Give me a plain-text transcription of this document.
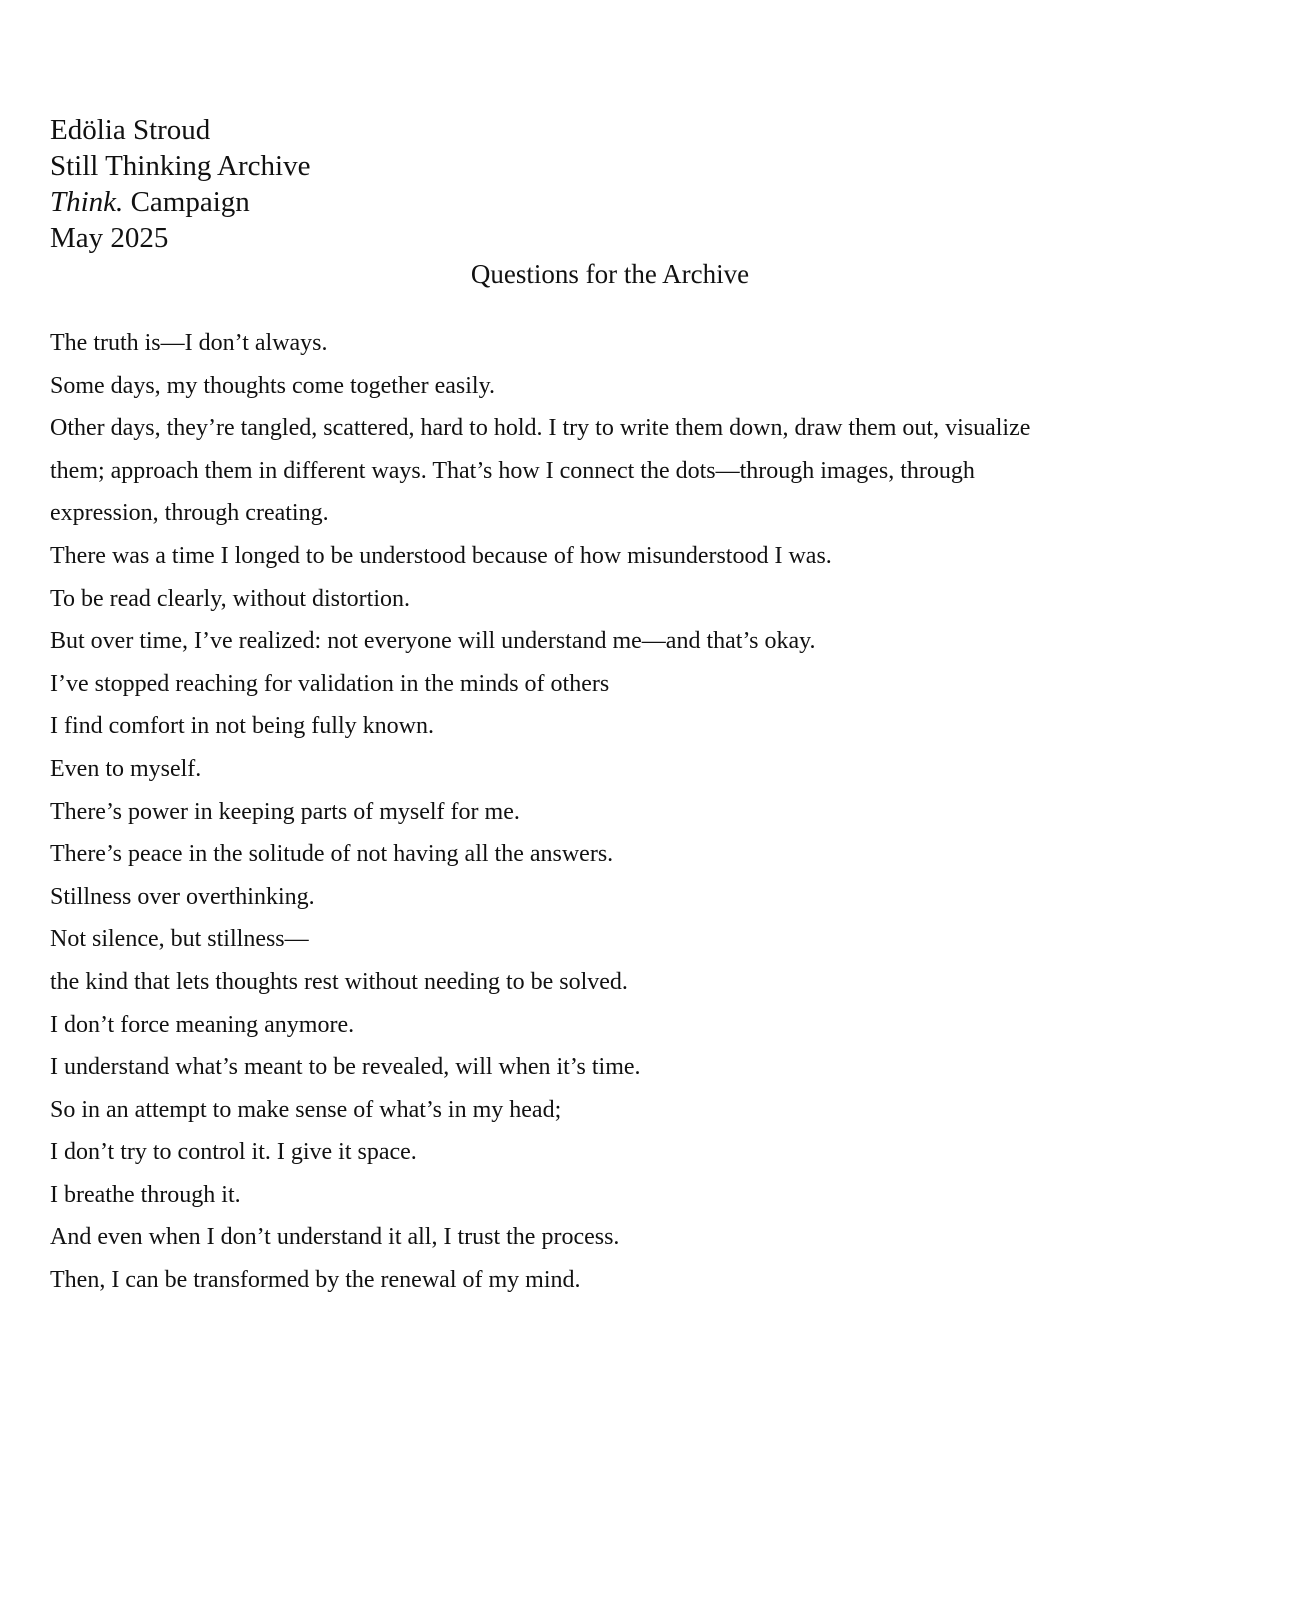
Edölia Stroud
Still Thinking Archive
Think. Campaign
May 2025
Questions for the Archive
The truth is—I don’t always.
Some days, my thoughts come together easily.
Other days, they’re tangled, scattered, hard to hold. I try to write them down, draw them out, visualize
them; approach them in different ways. That’s how I connect the dots—through images, through
expression, through creating.
There was a time I longed to be understood because of how misunderstood I was.
To be read clearly, without distortion.
But over time, I’ve realized: not everyone will understand me—and that’s okay.
I’ve stopped reaching for validation in the minds of others
I find comfort in not being fully known.
Even to myself.
There’s power in keeping parts of myself for me.
There’s peace in the solitude of not having all the answers.
Stillness over overthinking.
Not silence, but stillness—
the kind that lets thoughts rest without needing to be solved.
I don’t force meaning anymore.
I understand what’s meant to be revealed, will when it’s time.
So in an attempt to make sense of what’s in my head;
I don’t try to control it. I give it space.
I breathe through it.
And even when I don’t understand it all, I trust the process.
Then, I can be transformed by the renewal of my mind.
